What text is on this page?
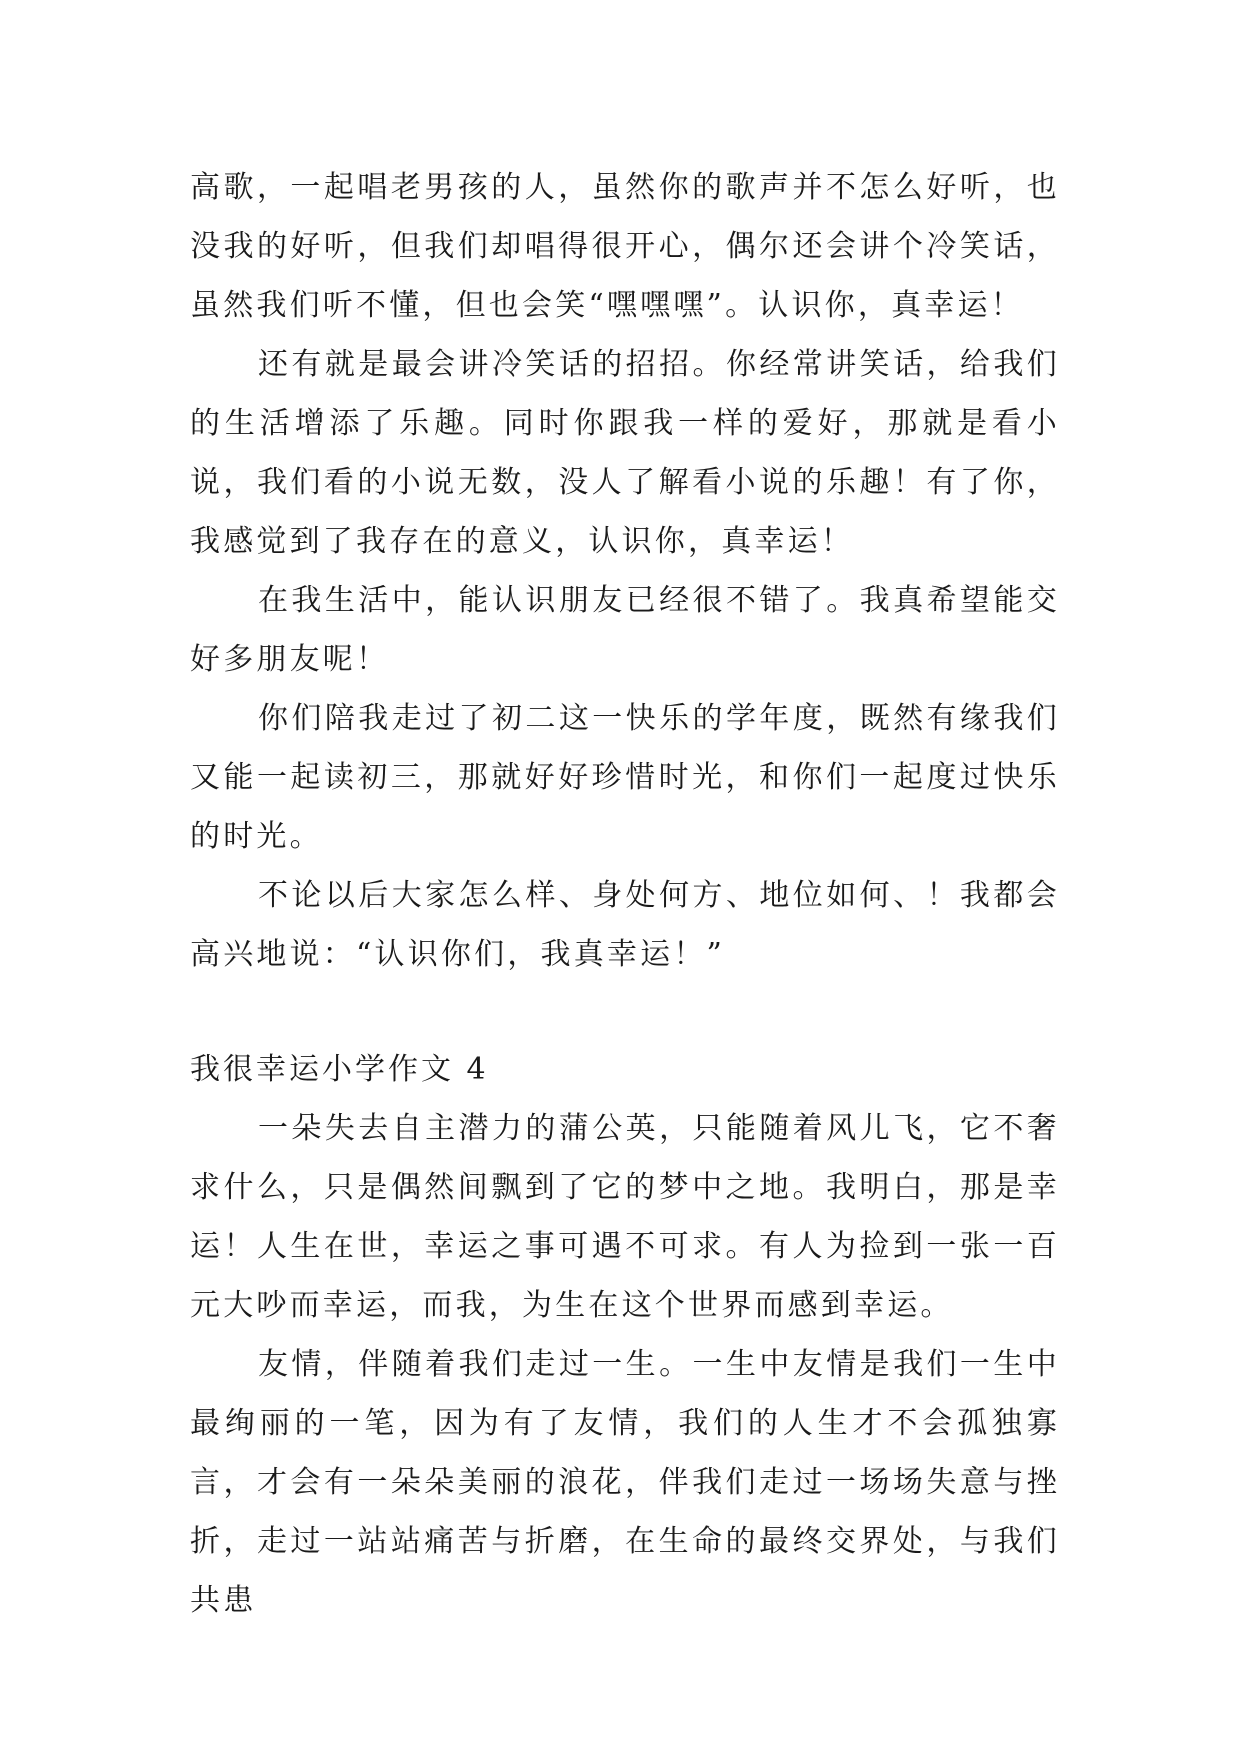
高歌，一起唱老男孩的人，虽然你的歌声并不怎么好听，也没我的好听，但我们却唱得很开心，偶尔还会讲个冷笑话，虽然我们听不懂，但也会笑“嘿嘿嘿”。认识你，真幸运！

还有就是最会讲冷笑话的招招。你经常讲笑话，给我们的生活增添了乐趣。同时你跟我一样的爱好，那就是看小说，我们看的小说无数，没人了解看小说的乐趣！有了你，我感觉到了我存在的意义，认识你，真幸运！

在我生活中，能认识朋友已经很不错了。我真希望能交好多朋友呢！

你们陪我走过了初二这一快乐的学年度，既然有缘我们又能一起读初三，那就好好珍惜时光，和你们一起度过快乐的时光。

不论以后大家怎么样、身处何方、地位如何、！我都会高兴地说：“认识你们，我真幸运！”

我很幸运小学作文 4

一朵失去自主潜力的蒲公英，只能随着风儿飞，它不奢求什么，只是偶然间飘到了它的梦中之地。我明白，那是幸运！人生在世，幸运之事可遇不可求。有人为捡到一张一百元大吵而幸运，而我，为生在这个世界而感到幸运。

友情，伴随着我们走过一生。一生中友情是我们一生中最绚丽的一笔，因为有了友情，我们的人生才不会孤独寡言，才会有一朵朵美丽的浪花，伴我们走过一场场失意与挫折，走过一站站痛苦与折磨，在生命的最终交界处，与我们共患
